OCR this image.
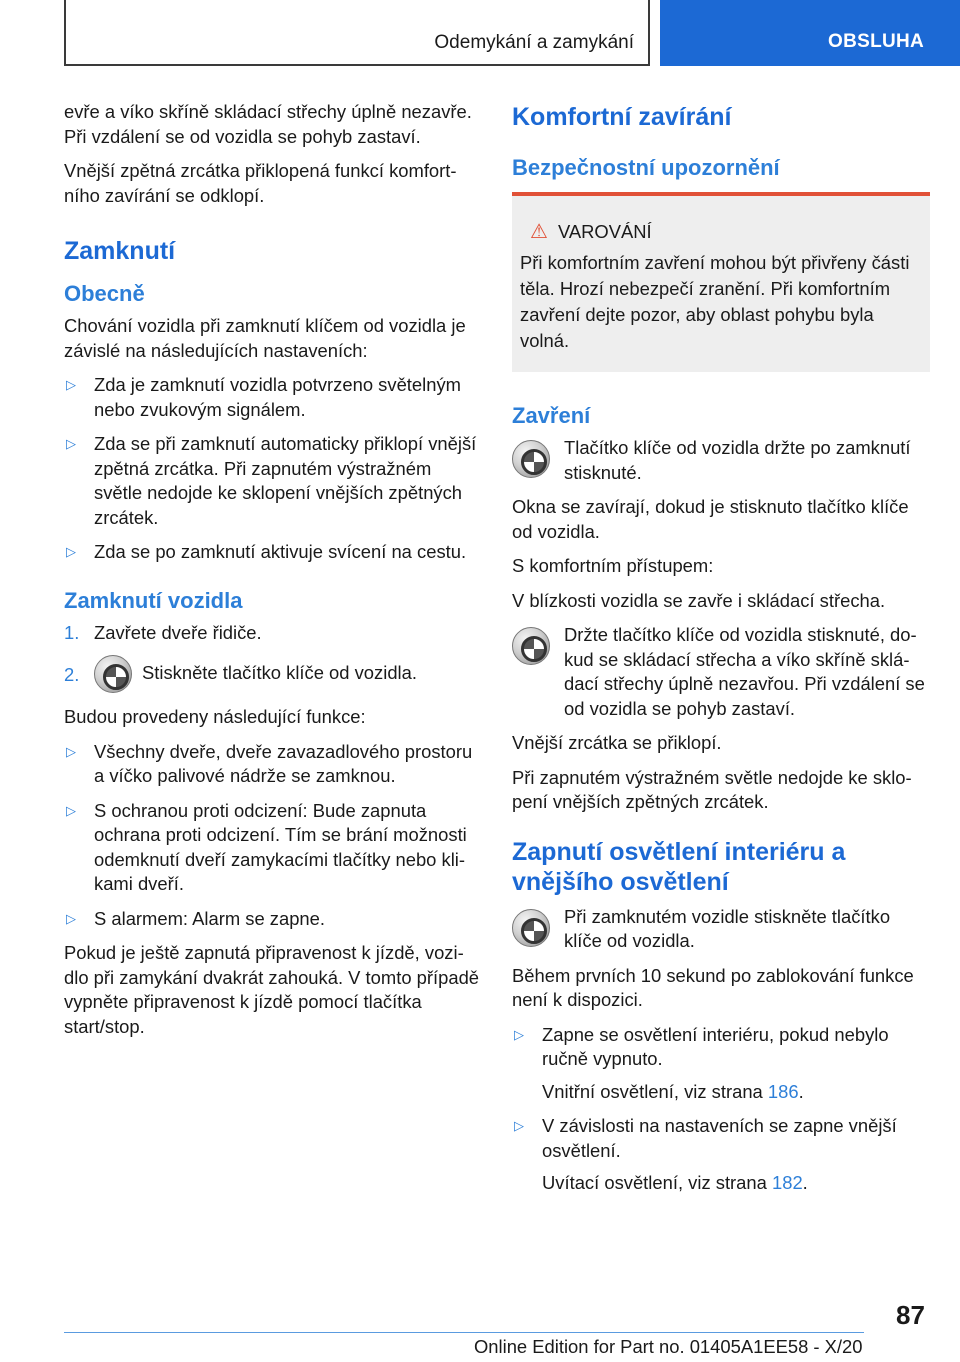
Odemykání a zamykání	OBSLUHA

evře a víko skříně skládací střechy úplně nezavře. Při vzdálení se od vozidla se pohyb zastaví.

Vnější zpětná zrcátka přiklopená funkcí komfortního zavírání se odklopí.

Zamknutí
Obecně

Chování vozidla při zamknutí klíčem od vozidla je závislé na následujících nastaveních:

▷ Zda je zamknutí vozidla potvrzeno světelným nebo zvukovým signálem.
▷ Zda se při zamknutí automaticky přiklopí vnější zpětná zrcátka. Při zapnutém výstražném světle nedojde ke sklopení vnějších zpětných zrcátek.
▷ Zda se po zamknutí aktivuje svícení na cestu.
Zamknutí vozidla
1. Zavřete dveře řidiče.
2.	Stiskněte tlačítko klíče od vozidla.

Budou provedeny následující funkce:

▷ Všechny dveře, dveře zavazadlového prostoru a víčko palivové nádrže se zamknou.
▷ S ochranou proti odcizení: Bude zapnuta ochrana proti odcizení. Tím se brání možnosti odemknutí dveří zamykacími tlačítky nebo klikami dveří.
▷ S alarmem: Alarm se zapne.

Pokud je ještě zapnutá připravenost k jízdě, vozidlo při zamykání dvakrát zahouká. V tomto případě vypněte připravenost k jízdě pomocí tlačítka start/stop.

Komfortní zavírání
Bezpečnostní upozornění
⚠ VAROVÁNÍ

Při komfortním zavření mohou být přivřeny části těla. Hrozí nebezpečí zranění. Při komfortním zavření dejte pozor, aby oblast pohybu byla volná.

Zavření
Tlačítko klíče od vozidla držte po zamknutí stisknuté.

Okna se zavírají, dokud je stisknuto tlačítko klíče od vozidla.

S komfortním přístupem:

V blízkosti vozidla se zavře i skládací střecha.

Držte tlačítko klíče od vozidla stisknuté, dokud se skládací střecha a víko skříně skládací střechy úplně nezavřou. Při vzdálení se od vozidla se pohyb zastaví.

Vnější zrcátka se přiklopí.

Při zapnutém výstražném světle nedojde ke sklopení vnějších zpětných zrcátek.

Zapnutí osvětlení interiéru a vnějšího osvětlení
Při zamknutém vozidle stiskněte tlačítko klíče od vozidla.

Během prvních 10 sekund po zablokování funkce není k dispozici.

▷ Zapne se osvětlení interiéru, pokud nebylo ručně vypnuto.
Vnitřní osvětlení, viz strana 186.
▷ V závislosti na nastaveních se zapne vnější osvětlení.
Uvítací osvětlení, viz strana 182.
87
Online Edition for Part no. 01405A1EE58 - X/20
